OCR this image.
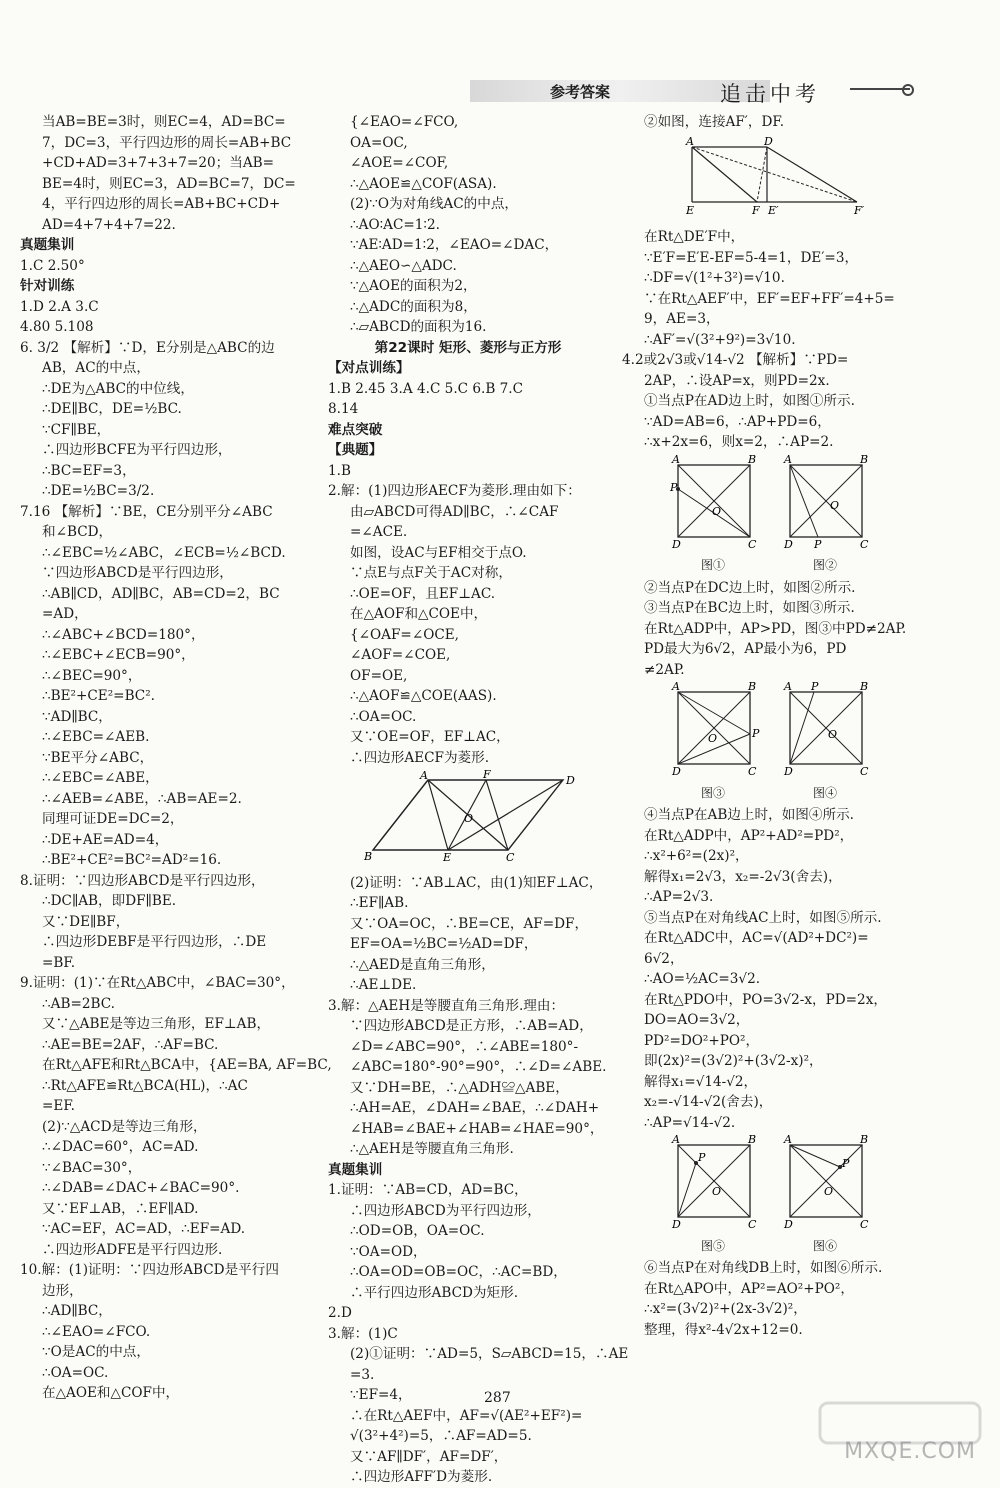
参考答案	追击中考

当AB=BE=3时，则EC=4，AD=BC=

7，DC=3，平行四边形的周长=AB+BC

+CD+AD=3+7+3+7=20；当AB=

BE=4时，则EC=3，AD=BC=7，DC=

4，平行四边形的周长=AB+BC+CD+

AD=4+7+4+7=22.

真题集训

1.C 2.50°

针对训练

1.D 2.A 3.C

4.80 5.108

6. 3/2 【解析】∵D，E分别是△ABC的边

AB，AC的中点，

∴DE为△ABC的中位线，

∴DE∥BC，DE=½BC.

∵CF∥BE，

∴四边形BCFE为平行四边形，

∴BC=EF=3，

∴DE=½BC=3/2.

7.16 【解析】∵BE，CE分别平分∠ABC

和∠BCD，

∴∠EBC=½∠ABC，∠ECB=½∠BCD.

∵四边形ABCD是平行四边形，

∴AB∥CD，AD∥BC，AB=CD=2，BC

=AD，

∴∠ABC+∠BCD=180°，

∴∠EBC+∠ECB=90°，

∴∠BEC=90°，

∴BE²+CE²=BC².

∵AD∥BC，

∴∠EBC=∠AEB.

∵BE平分∠ABC，

∴∠EBC=∠ABE，

∴∠AEB=∠ABE，∴AB=AE=2.

同理可证DE=DC=2，

∴DE+AE=AD=4，

∴BE²+CE²=BC²=AD²=16.

8.证明：∵四边形ABCD是平行四边形，

∴DC∥AB，即DF∥BE.

又∵DE∥BF，

∴四边形DEBF是平行四边形，∴DE

=BF.

9.证明：(1)∵在Rt△ABC中，∠BAC=30°，

∴AB=2BC.

又∵△ABE是等边三角形，EF⊥AB，

∴AE=BE=2AF，∴AF=BC.

在Rt△AFE和Rt△BCA中，{AE=BA, AF=BC,

∴Rt△AFE≌Rt△BCA(HL)，∴AC

=EF.

(2)∵△ACD是等边三角形，

∴∠DAC=60°，AC=AD.

∵∠BAC=30°，

∴∠DAB=∠DAC+∠BAC=90°.

又∵EF⊥AB，∴EF∥AD.

∵AC=EF，AC=AD，∴EF=AD.

∴四边形ADFE是平行四边形.

10.解：(1)证明：∵四边形ABCD是平行四

边形，

∴AD∥BC，

∴∠EAO=∠FCO.

∵O是AC的中点，

∴OA=OC.

在△AOE和△COF中，

{∠EAO=∠FCO,

OA=OC,

∠AOE=∠COF,

∴△AOE≌△COF(ASA).

(2)∵O为对角线AC的中点，

∴AO∶AC=1∶2.

∵AE∶AD=1∶2，∠EAO=∠DAC，

∴△AEO∽△ADC.

∵△AOE的面积为2，

∴△ADC的面积为8，

∴▱ABCD的面积为16.

第22课时 矩形、菱形与正方形

【对点训练】

1.B 2.45 3.A 4.C 5.C 6.B 7.C

8.14

难点突破

【典题】

1.B

2.解：(1)四边形AECF为菱形.理由如下：

由▱ABCD可得AD∥BC，∴∠CAF

=∠ACE.

如图，设AC与EF相交于点O.

∵点E与点F关于AC对称，

∴OE=OF，且EF⊥AC.

在△AOF和△COE中，

{∠OAF=∠OCE,

∠AOF=∠COE,

OF=OE,

∴△AOF≌△COE(AAS).

∴OA=OC.

又∵OE=OF，EF⊥AC，

∴四边形AECF为菱形.

A	F	D
B	E	C
O

(2)证明：∵AB⊥AC，由(1)知EF⊥AC，

∴EF∥AB.

又∵OA=OC，∴BE=CE，AF=DF，

EF=OA=½BC=½AD=DF，

∴△AED是直角三角形，

∴AE⊥DE.

3.解：△AEH是等腰直角三角形.理由：

∵四边形ABCD是正方形，∴AB=AD，

∠D=∠ABC=90°，∴∠ABE=180°-

∠ABC=180°-90°=90°，∴∠D=∠ABE.

又∵DH=BE，∴△ADH≌△ABE，

∴AH=AE，∠DAH=∠BAE，∴∠DAH+

∠HAB=∠BAE+∠HAB=∠HAE=90°，

∴△AEH是等腰直角三角形.

真题集训

1.证明：∵AB=CD，AD=BC，

∴四边形ABCD为平行四边形，

∴OD=OB，OA=OC.

∵OA=OD，

∴OA=OD=OB=OC，∴AC=BD，

∴平行四边形ABCD为矩形.

2.D

3.解：(1)C

(2)①证明：∵AD=5，S▱ABCD=15，∴AE

=3.

∵EF=4，

∴在Rt△AEF中，AF=√(AE²+EF²)=

√(3²+4²)=5，∴AF=AD=5.

又∵AF∥DF′，AF=DF′，

∴四边形AFF′D为菱形.

②如图，连接AF′，DF.

A	D
E	F E′	F′

在Rt△DE′F中，

∵E′F=E′E-EF=5-4=1，DE′=3，

∴DF=√(1²+3²)=√10.

∵在Rt△AEF′中，EF′=EF+FF′=4+5=

9，AE=3，

∴AF′=√(3²+9²)=3√10.

4.2或2√3或√14-√2 【解析】∵PD=

2AP，∴设AP=x，则PD=2x.

①当点P在AD边上时，如图①所示.

∵AD=AB=6，∴AP+PD=6，

∴x+2x=6，则x=2，∴AP=2.

A	B
P
D	C
O
图①
A	B
D P	C
O
图②

②当点P在DC边上时，如图②所示.

③当点P在BC边上时，如图③所示.

在Rt△ADP中，AP>PD，图③中PD≠2AP.

PD最大为6√2，AP最小为6，PD

≠2AP.

A	B
P
D	C
O
图③
A P	B
D	C
O
图④

④当点P在AB边上时，如图④所示.

在Rt△ADP中，AP²+AD²=PD²，

∴x²+6²=(2x)²，

解得x₁=2√3，x₂=-2√3(舍去)，

∴AP=2√3.

⑤当点P在对角线AC上时，如图⑤所示.

在Rt△ADC中，AC=√(AD²+DC²)=

6√2，

∴AO=½AC=3√2.

在Rt△PDO中，PO=3√2-x，PD=2x，

DO=AO=3√2，

PD²=DO²+PO²，

即(2x)²=(3√2)²+(3√2-x)²，

解得x₁=√14-√2，

x₂=-√14-√2(舍去)，

∴AP=√14-√2.

A	B
P
D	C
O
图⑤
A	B
P
D	C
O
图⑥

⑥当点P在对角线DB上时，如图⑥所示.

在Rt△APO中，AP²=AO²+PO²，

∴x²=(3√2)²+(2x-3√2)²，

整理，得x²-4√2x+12=0.

287
MXQE.COM
